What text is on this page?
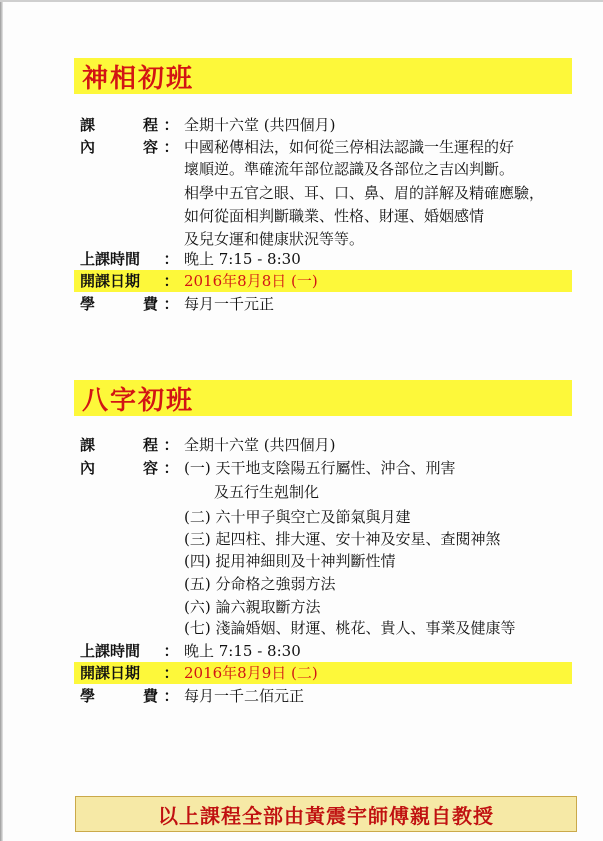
神相初班
課	程 ： 全期十六堂 (共四個月)
內	容 ： 中國秘傳相法，如何從三停相法認識一生運程的好
壞順逆。準確流年部位認識及各部位之吉凶判斷。
相學中五官之眼、耳、口、鼻、眉的詳解及精確應驗，
如何從面相判斷職業、性格、財運、婚姻感情
及兒女運和健康狀況等等。
上課時間	： 晚上 7:15 - 8:30
開課日期	： 2016年8月8日 (一)
學	費 ： 每月一千元正
八字初班
課	程 ： 全期十六堂 (共四個月)
內	容 ： (一) 天干地支陰陽五行屬性、沖合、刑害
及五行生剋制化
(二) 六十甲子與空亡及節氣與月建
(三) 起四柱、排大運、安十神及安星、查閱神煞
(四) 捉用神細則及十神判斷性情
(五) 分命格之強弱方法
(六) 論六親取斷方法
(七) 淺論婚姻、財運、桃花、貴人、事業及健康等
上課時間	： 晚上 7:15 - 8:30
開課日期	： 2016年8月9日 (二)
學	費 ： 每月一千二佰元正
以上課程全部由黃震宇師傅親自教授
